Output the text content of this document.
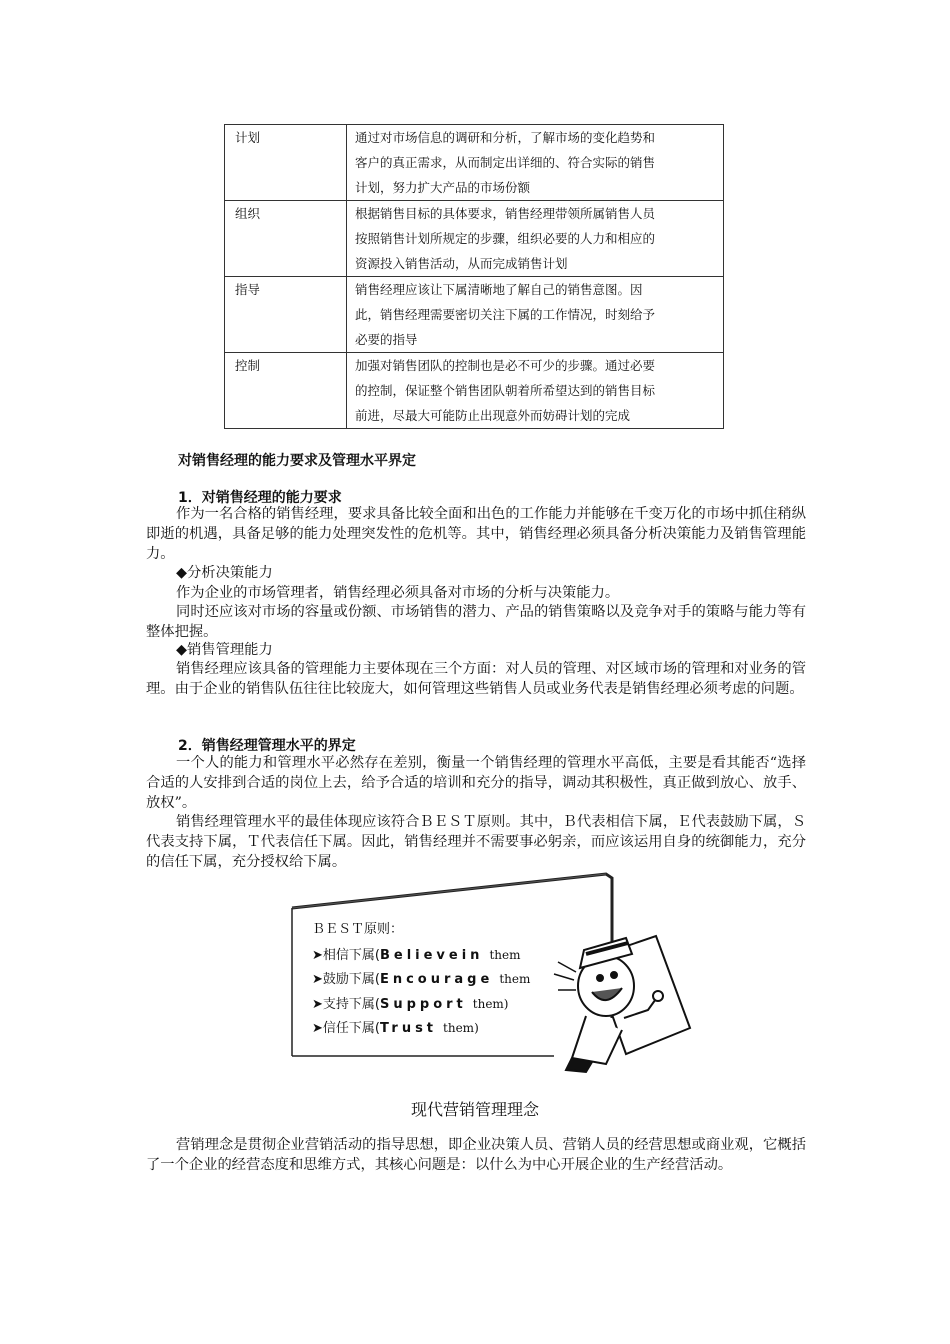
计划	通过对市场信息的调研和分析，了解市场的变化趋势和
客户的真正需求，从而制定出详细的、符合实际的销售
计划，努力扩大产品的市场份额

组织	根据销售目标的具体要求，销售经理带领所属销售人员
按照销售计划所规定的步骤，组织必要的人力和相应的
资源投入销售活动，从而完成销售计划

指导	销售经理应该让下属清晰地了解自己的销售意图。因
此，销售经理需要密切关注下属的工作情况，时刻给予
必要的指导

控制	加强对销售团队的控制也是必不可少的步骤。通过必要
的控制，保证整个销售团队朝着所希望达到的销售目标
前进，尽最大可能防止出现意外而妨碍计划的完成
对销售经理的能力要求及管理水平界定
1．对销售经理的能力要求
作为一名合格的销售经理，要求具备比较全面和出色的工作能力并能够在千变万化的市场中抓住稍纵即逝的机遇，具备足够的能力处理突发性的危机等。其中，销售经理必须具备分析决策能力及销售管理能力。
◆分析决策能力
作为企业的市场管理者，销售经理必须具备对市场的分析与决策能力。
同时还应该对市场的容量或份额、市场销售的潜力、产品的销售策略以及竞争对手的策略与能力等有整体把握。
◆销售管理能力
销售经理应该具备的管理能力主要体现在三个方面：对人员的管理、对区域市场的管理和对业务的管理。由于企业的销售队伍往往比较庞大，如何管理这些销售人员或业务代表是销售经理必须考虑的问题。
2．销售经理管理水平的界定
一个人的能力和管理水平必然存在差别，衡量一个销售经理的管理水平高低，主要是看其能否“选择合适的人安排到合适的岗位上去，给予合适的培训和充分的指导，调动其积极性，真正做到放心、放手、放权”。
销售经理管理水平的最佳体现应该符合ＢＥＳＴ原则。其中，Ｂ代表相信下属，Ｅ代表鼓励下属，Ｓ代表支持下属，Ｔ代表信任下属。因此，销售经理并不需要事必躬亲，而应该运用自身的统御能力，充分的信任下属，充分授权给下属。
ＢＥＳＴ原则：
➤相信下属(Believein them
➤鼓励下属(Encourage them
➤支持下属(Support them)
➤信任下属(Trust them)
现代营销管理理念
营销理念是贯彻企业营销活动的指导思想，即企业决策人员、营销人员的经营思想或商业观，它概括了一个企业的经营态度和思维方式，其核心问题是：以什么为中心开展企业的生产经营活动。
